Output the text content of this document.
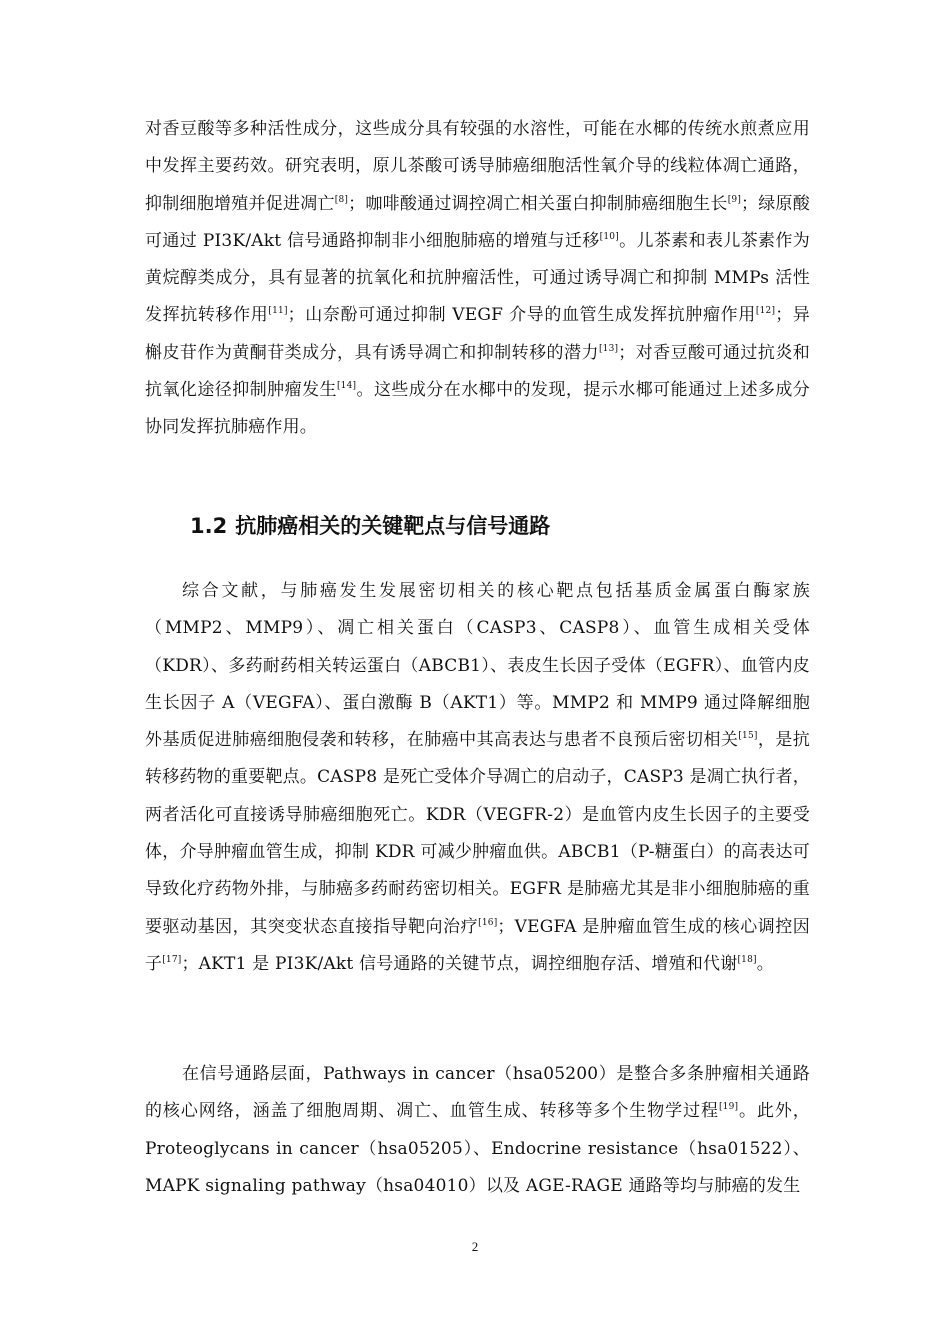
对香豆酸等多种活性成分，这些成分具有较强的水溶性，可能在水椰的传统水煎煮应用中发挥主要药效。研究表明，原儿茶酸可诱导肺癌细胞活性氧介导的线粒体凋亡通路，抑制细胞增殖并促进凋亡[8]；咖啡酸通过调控凋亡相关蛋白抑制肺癌细胞生长[9]；绿原酸可通过 PI3K/Akt 信号通路抑制非小细胞肺癌的增殖与迁移[10]。儿茶素和表儿茶素作为黄烷醇类成分，具有显著的抗氧化和抗肿瘤活性，可通过诱导凋亡和抑制 MMPs 活性发挥抗转移作用[11]；山奈酚可通过抑制 VEGF 介导的血管生成发挥抗肿瘤作用[12]；异槲皮苷作为黄酮苷类成分，具有诱导凋亡和抑制转移的潜力[13]；对香豆酸可通过抗炎和抗氧化途径抑制肿瘤发生[14]。这些成分在水椰中的发现，提示水椰可能通过上述多成分协同发挥抗肺癌作用。

1.2 抗肺癌相关的关键靶点与信号通路

综合文献，与肺癌发生发展密切相关的核心靶点包括基质金属蛋白酶家族（MMP2、MMP9）、凋亡相关蛋白（CASP3、CASP8）、血管生成相关受体（KDR）、多药耐药相关转运蛋白（ABCB1）、表皮生长因子受体（EGFR）、血管内皮生长因子 A（VEGFA）、蛋白激酶 B（AKT1）等。MMP2 和 MMP9 通过降解细胞外基质促进肺癌细胞侵袭和转移，在肺癌中其高表达与患者不良预后密切相关[15]，是抗转移药物的重要靶点。CASP8 是死亡受体介导凋亡的启动子，CASP3 是凋亡执行者，两者活化可直接诱导肺癌细胞死亡。KDR（VEGFR-2）是血管内皮生长因子的主要受体，介导肿瘤血管生成，抑制 KDR 可减少肿瘤血供。ABCB1（P-糖蛋白）的高表达可导致化疗药物外排，与肺癌多药耐药密切相关。EGFR 是肺癌尤其是非小细胞肺癌的重要驱动基因，其突变状态直接指导靶向治疗[16]；VEGFA 是肿瘤血管生成的核心调控因子[17]；AKT1 是 PI3K/Akt 信号通路的关键节点，调控细胞存活、增殖和代谢[18]。

在信号通路层面，Pathways in cancer（hsa05200）是整合多条肿瘤相关通路的核心网络，涵盖了细胞周期、凋亡、血管生成、转移等多个生物学过程[19]。此外，Proteoglycans in cancer（hsa05205）、Endocrine resistance（hsa01522）、MAPK signaling pathway（hsa04010）以及 AGE-RAGE 通路等均与肺癌的发生

2
